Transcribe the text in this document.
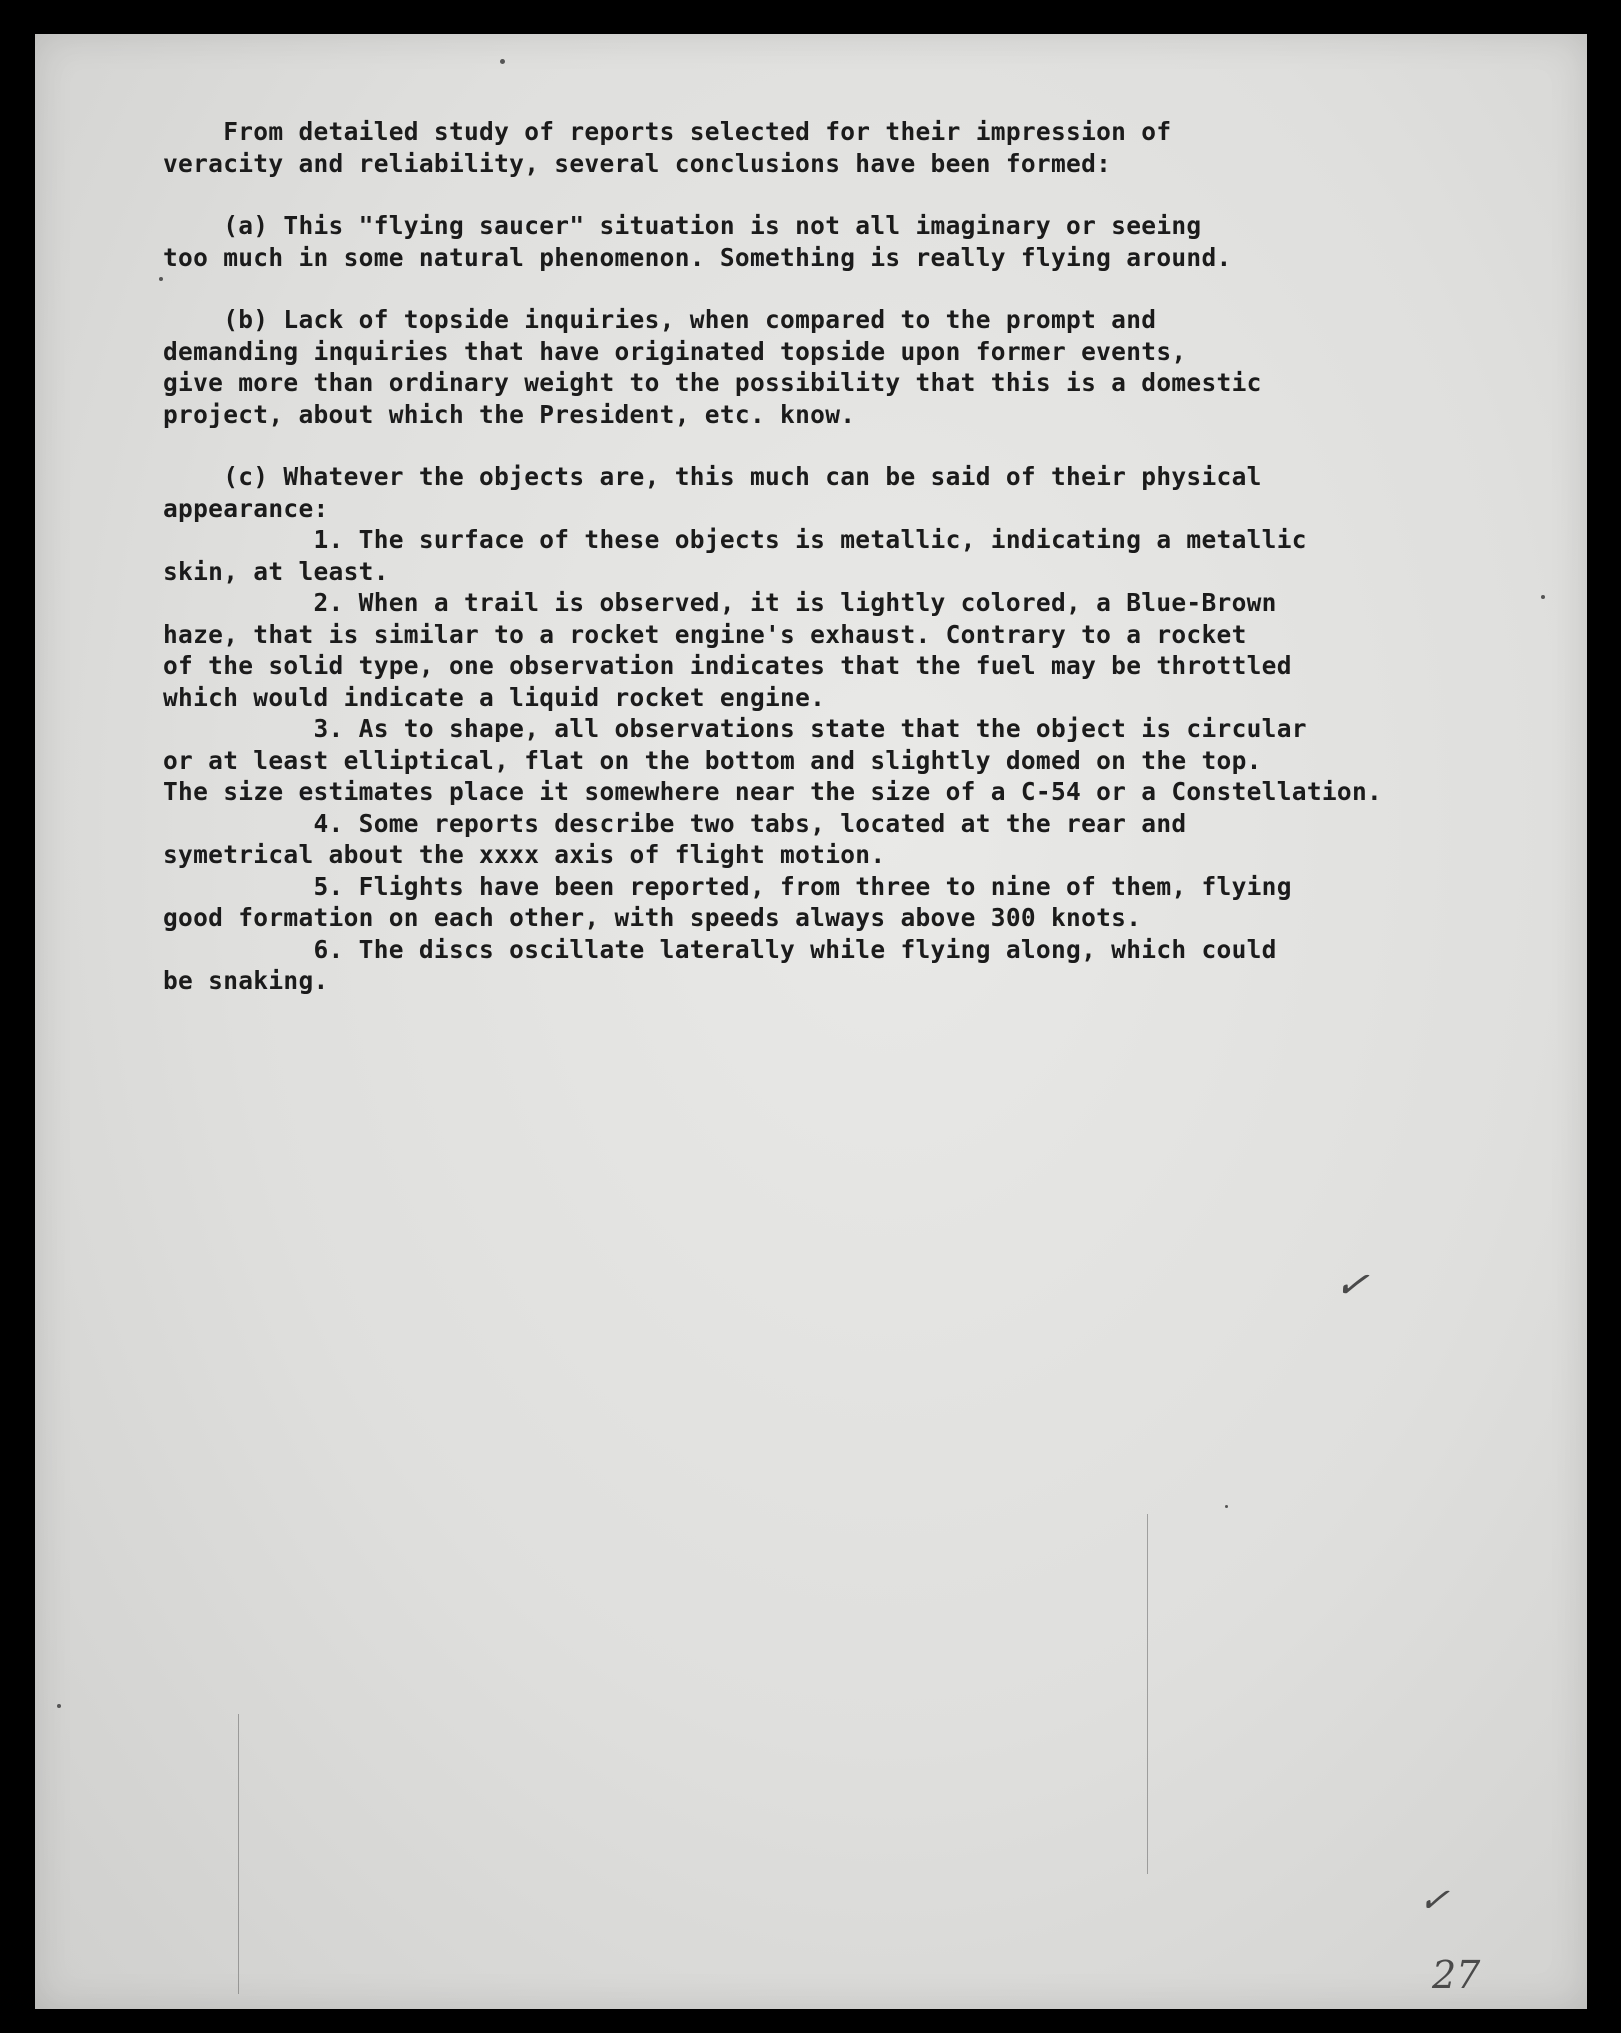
From detailed study of reports selected for their impression of
veracity and reliability, several conclusions have been formed:
(a) This "flying saucer" situation is not all imaginary or seeing
too much in some natural phenomenon. Something is really flying around.
(b) Lack of topside inquiries, when compared to the prompt and
demanding inquiries that have originated topside upon former events,
give more than ordinary weight to the possibility that this is a domestic
project, about which the President, etc. know.
(c) Whatever the objects are, this much can be said of their physical
appearance:
1. The surface of these objects is metallic, indicating a metallic
skin, at least.
2. When a trail is observed, it is lightly colored, a Blue-Brown
haze, that is similar to a rocket engine's exhaust. Contrary to a rocket
of the solid type, one observation indicates that the fuel may be throttled
which would indicate a liquid rocket engine.
3. As to shape, all observations state that the object is circular
or at least elliptical, flat on the bottom and slightly domed on the top.
The size estimates place it somewhere near the size of a C-54 or a Constellation.
4. Some reports describe two tabs, located at the rear and
symetrical about the xxxx axis of flight motion.
5. Flights have been reported, from three to nine of them, flying
good formation on each other, with speeds always above 300 knots.
6. The discs oscillate laterally while flying along, which could
be snaking.
✓
✓
27
